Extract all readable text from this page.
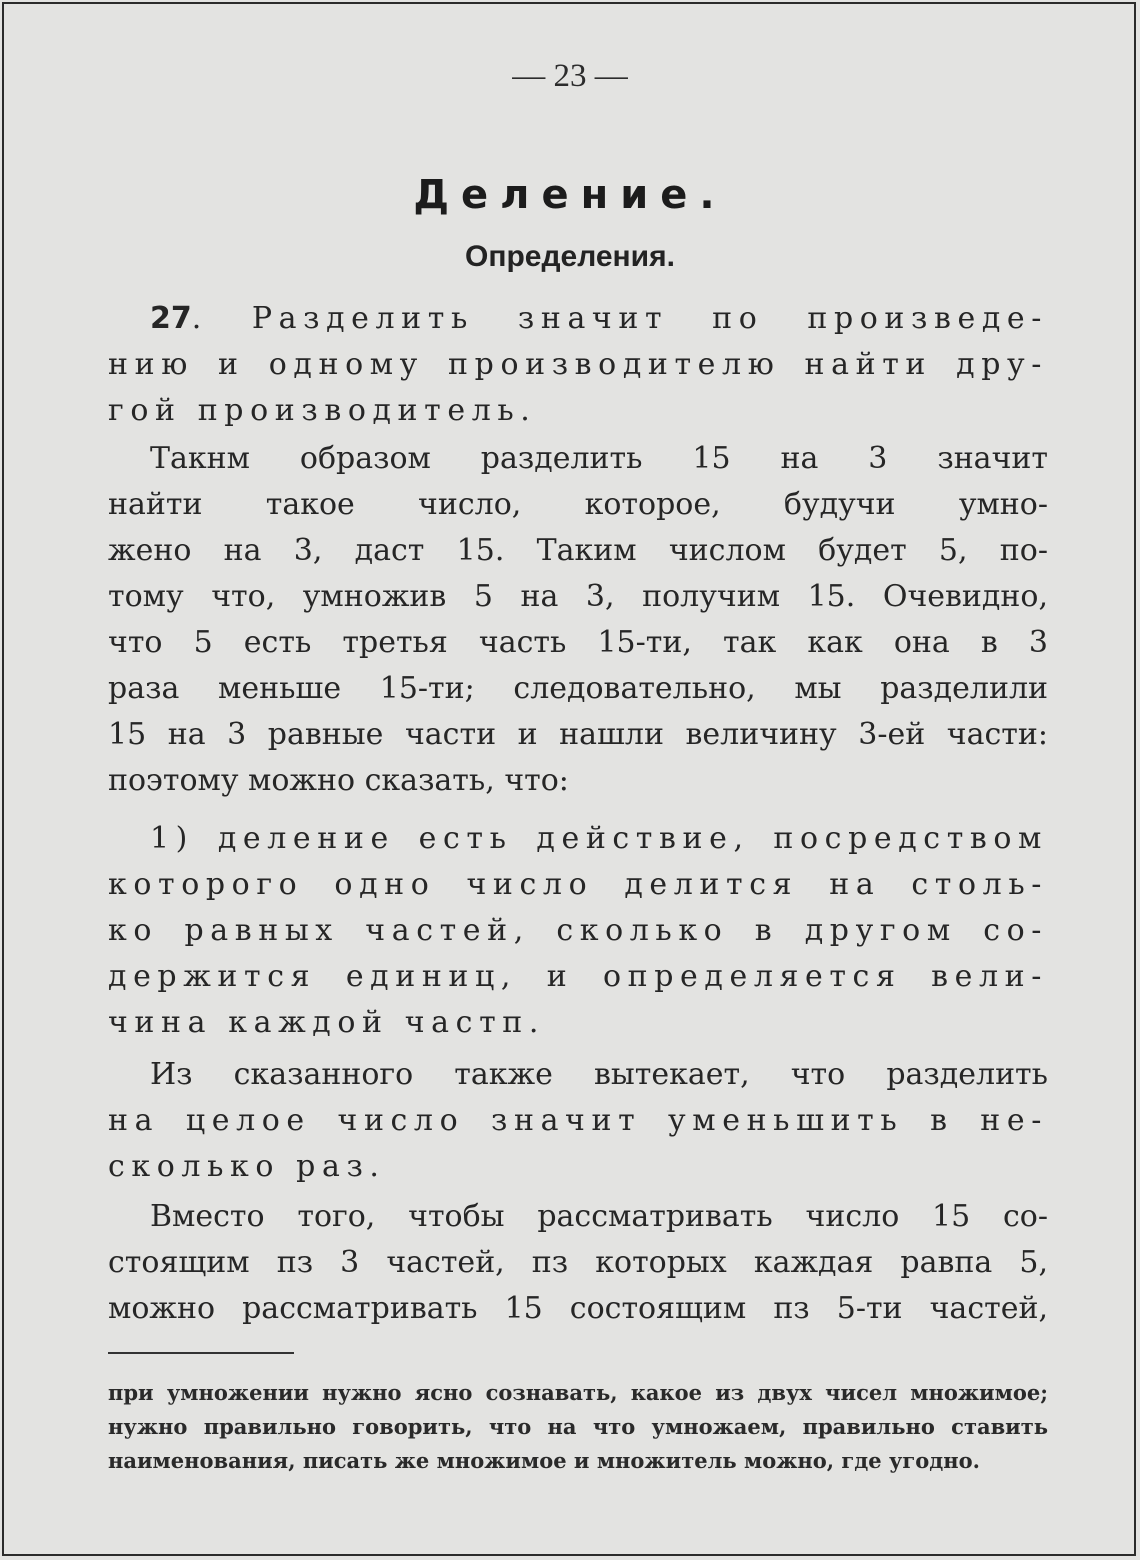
— 23 —
Деление.
Определения.
27. Разделить значит по произведе-
нию и одному производителю найти дру-
гой производитель.
Такнм образом разделить 15 на 3 значит
найти такое число, которое, будучи умно-
жено на 3, даст 15. Таким числом будет 5, по-
тому что, умножив 5 на 3, получим 15. Очевидно,
что 5 есть третья часть 15-ти, так как она в 3
раза меньше 15-ти; следовательно, мы разделили
15 на 3 равные части и нашли величину 3-ей части:
поэтому можно сказать, что:
1) деление есть действие, посредством
которого одно число делится на столь-
ко равных частей, сколько в другом со-
держится единиц, и определяется вели-
чина каждой частп.
Из сказанного также вытекает, что разделить
на целое число значит уменьшить в не-
сколько раз.
Вместо того, чтобы рассматривать число 15 со-
стоящим пз 3 частей, пз которых каждая равпа 5,
можно рассматривать 15 состоящим пз 5-ти частей,
при умножении нужно ясно сознавать, какое из двух чисел множимое;
нужно правильно говорить, что на что умножаем, правильно ставить
наименования, писать же множимое и множитель можно, где угодно.
